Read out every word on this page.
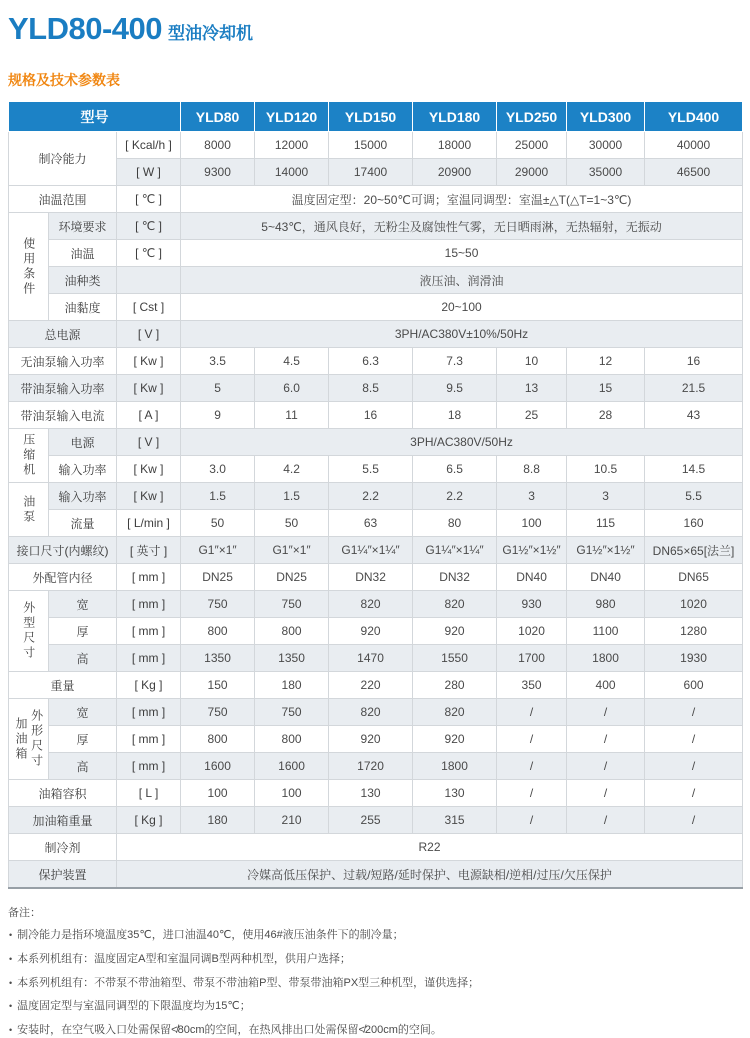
YLD80-400 型油冷却机
规格及技术参数表
型号			YLD80	YLD120	YLD150	YLD180	YLD250	YLD300	YLD400
制冷能力		[ Kcal/h ]	8000	12000	15000	18000	25000	30000	40000
		[ W ]	9300	14000	17400	20900	29000	35000	46500
油温范围		[ ℃ ]	温度固定型：20~50℃可调；室温同调型：室温±△T(△T=1~3℃)						

使用条件	环境要求	[ ℃ ]	5~43℃，通风良好，无粉尘及腐蚀性气雾，无日晒雨淋，无热辐射，无振动						
	油温	[ ℃ ]	15~50						
	油种类		液压油、润滑油						
	油黏度	[ Cst ]	20~100						
总电源		[ V ]	3PH/AC380V±10%/50Hz						
无油泵输入功率		[ Kw ]	3.5	4.5	6.3	7.3	10	12	16
带油泵输入功率		[ Kw ]	5	6.0	8.5	9.5	13	15	21.5
带油泵输入电流		[ A ]	9	11	16	18	25	28	43

压缩机	电源	[ V ]	3PH/AC380V/50Hz						
	输入功率	[ Kw ]	3.0	4.2	5.5	6.5	8.8	10.5	14.5

油泵	输入功率	[ Kw ]	1.5	1.5	2.2	2.2	3	3	5.5
	流量	[ L/min ]	50	50	63	80	100	115	160
接口尺寸(内螺纹)		[ 英寸 ]	G1″×1″	G1″×1″	G1¼″×1¼″	G1¼″×1¼″	G1½″×1½″	G1½″×1½″	DN65×65[法兰]
外配管内径		[ mm ]	DN25	DN25	DN32	DN32	DN40	DN40	DN65

外型尺寸	宽	[ mm ]	750	750	820	820	930	980	1020
	厚	[ mm ]	800	800	920	920	1020	1100	1280
	高	[ mm ]	1350	1350	1470	1550	1700	1800	1930
重量		[ Kg ]	150	180	220	280	350	400	600

加油箱 外形尺寸	宽	[ mm ]	750	750	820	820	/	/	/
	厚	[ mm ]	800	800	920	920	/	/	/
	高	[ mm ]	1600	1600	1720	1800	/	/	/
油箱容积		[ L ]	100	100	130	130	/	/	/
加油箱重量		[ Kg ]	180	210	255	315	/	/	/
制冷剂		R22							
保护装置		冷媒高低压保护、过载/短路/延时保护、电源缺相/逆相/过压/欠压保护							
备注：
• 制冷能力是指环境温度35℃，进口油温40℃，使用46#液压油条件下的制冷量；
• 本系列机组有：温度固定A型和室温同调B型两种机型，供用户选择；
• 本系列机组有：不带泵不带油箱型、带泵不带油箱P型、带泵带油箱PX型三种机型，谨供选择；
• 温度固定型与室温同调型的下限温度均为15℃；
• 安装时，在空气吸入口处需保留≮80cm的空间，在热风排出口处需保留≮200cm的空间。
